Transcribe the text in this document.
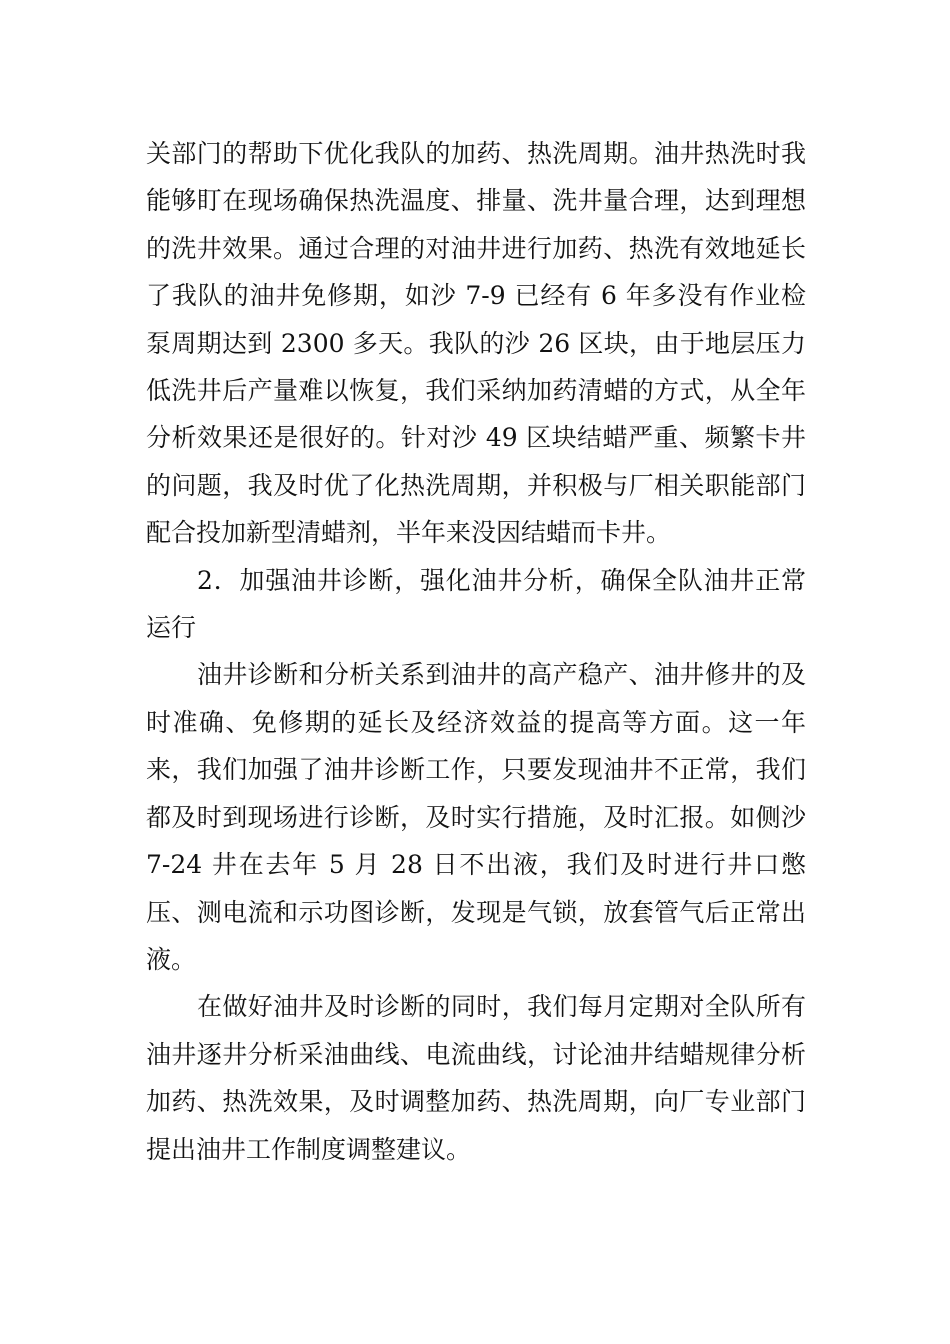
关部门的帮助下优化我队的加药、热洗周期。油井热洗时我能够盯在现场确保热洗温度、排量、洗井量合理，达到理想的洗井效果。通过合理的对油井进行加药、热洗有效地延长了我队的油井免修期，如沙 7-9 已经有 6 年多没有作业检泵周期达到 2300 多天。我队的沙 26 区块，由于地层压力低洗井后产量难以恢复，我们采纳加药清蜡的方式，从全年分析效果还是很好的。针对沙 49 区块结蜡严重、频繁卡井的问题，我及时优了化热洗周期，并积极与厂相关职能部门配合投加新型清蜡剂，半年来没因结蜡而卡井。

2．加强油井诊断，强化油井分析，确保全队油井正常运行

油井诊断和分析关系到油井的高产稳产、油井修井的及时准确、免修期的延长及经济效益的提高等方面。这一年来，我们加强了油井诊断工作，只要发现油井不正常，我们都及时到现场进行诊断，及时实行措施，及时汇报。如侧沙 7-24 井在去年 5 月 28 日不出液，我们及时进行井口憋压、测电流和示功图诊断，发现是气锁，放套管气后正常出液。

在做好油井及时诊断的同时，我们每月定期对全队所有油井逐井分析采油曲线、电流曲线，讨论油井结蜡规律分析加药、热洗效果，及时调整加药、热洗周期，向厂专业部门提出油井工作制度调整建议。
